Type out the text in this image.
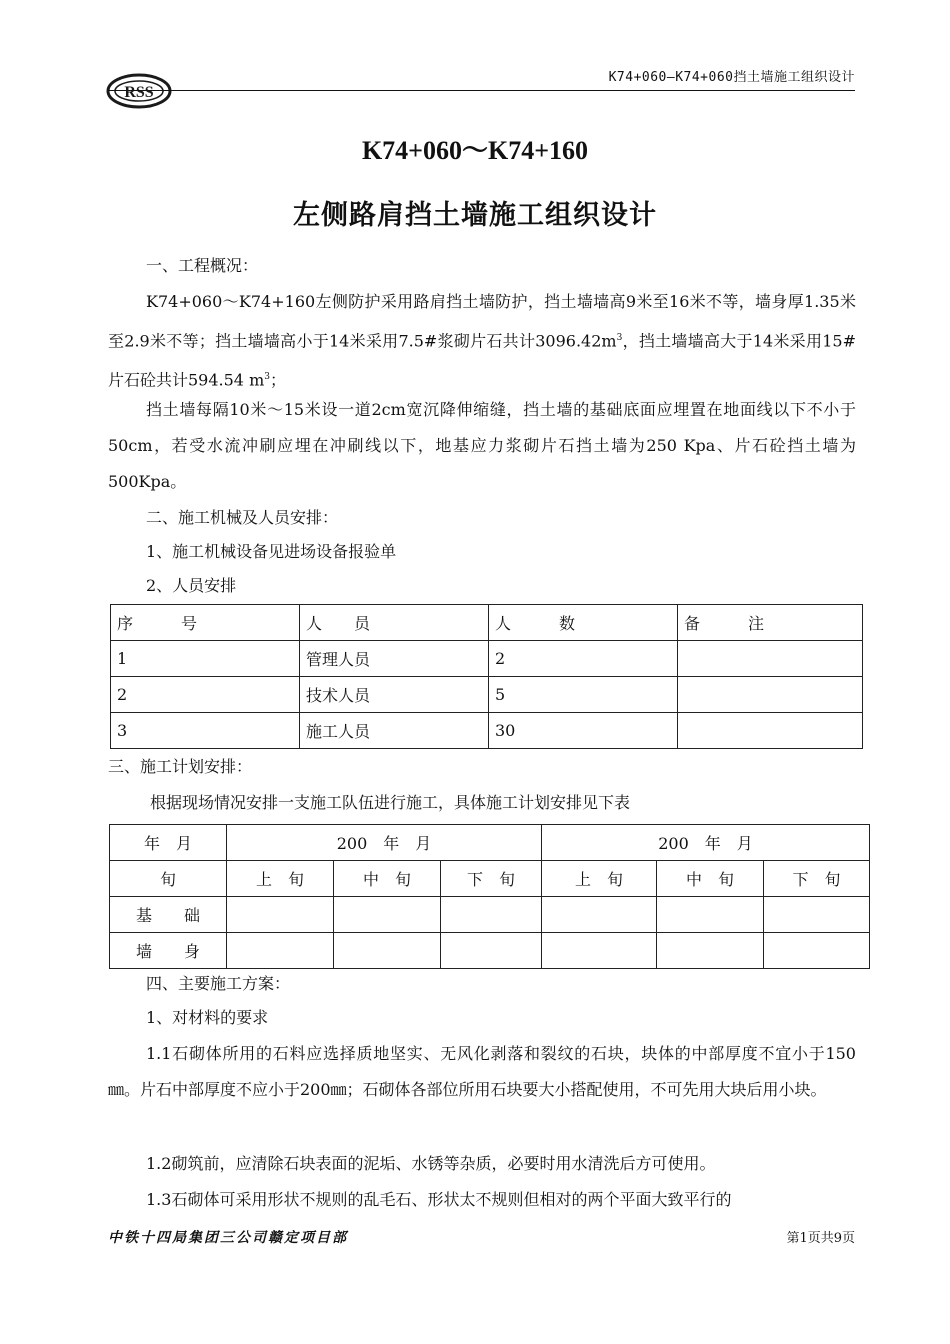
RSS
K74+060—K74+060挡土墙施工组织设计
K74+060～K74+160
左侧路肩挡土墙施工组织设计

一、工程概况：

K74+060～K74+160左侧防护采用路肩挡土墙防护，挡土墙墙高9米至16米不等，墙身厚1.35米至2.9米不等；挡土墙墙高小于14米采用7.5#浆砌片石共计$3096.42m^3$，挡土墙墙高大于14米采用15#片石砼共计594.54 $m^3$；

挡土墙每隔10米～15米设一道2cm宽沉降伸缩缝，挡土墙的基础底面应埋置在地面线以下不小于50cm，若受水流冲刷应埋在冲刷线以下，地基应力浆砌片石挡土墙为250 Kpa、片石砼挡土墙为500Kpa。

二、施工机械及人员安排：

1、施工机械设备见进场设备报验单

2、人员安排

序　　　号	人　　员	人　　　数	备　　　注
1	管理人员	2	
2	技术人员	5	
3	施工人员	30	

三、施工计划安排：

根据现场情况安排一支施工队伍进行施工，具体施工计划安排见下表

年　月	200　年　月			200　年　月		
旬	上　旬	中　旬	下　旬	上　旬	中　旬	下　旬
基　　础						
墙　　身						

四、主要施工方案：

1、对材料的要求

1.1石砌体所用的石料应选择质地坚实、无风化剥落和裂纹的石块，块体的中部厚度不宜小于150㎜。片石中部厚度不应小于200㎜；石砌体各部位所用石块要大小搭配使用，不可先用大块后用小块。

1.2砌筑前，应清除石块表面的泥垢、水锈等杂质，必要时用水清洗后方可使用。

1.3石砌体可采用形状不规则的乱毛石、形状太不规则但相对的两个平面大致平行的

中铁十四局集团三公司赣定项目部	第1页共9页
